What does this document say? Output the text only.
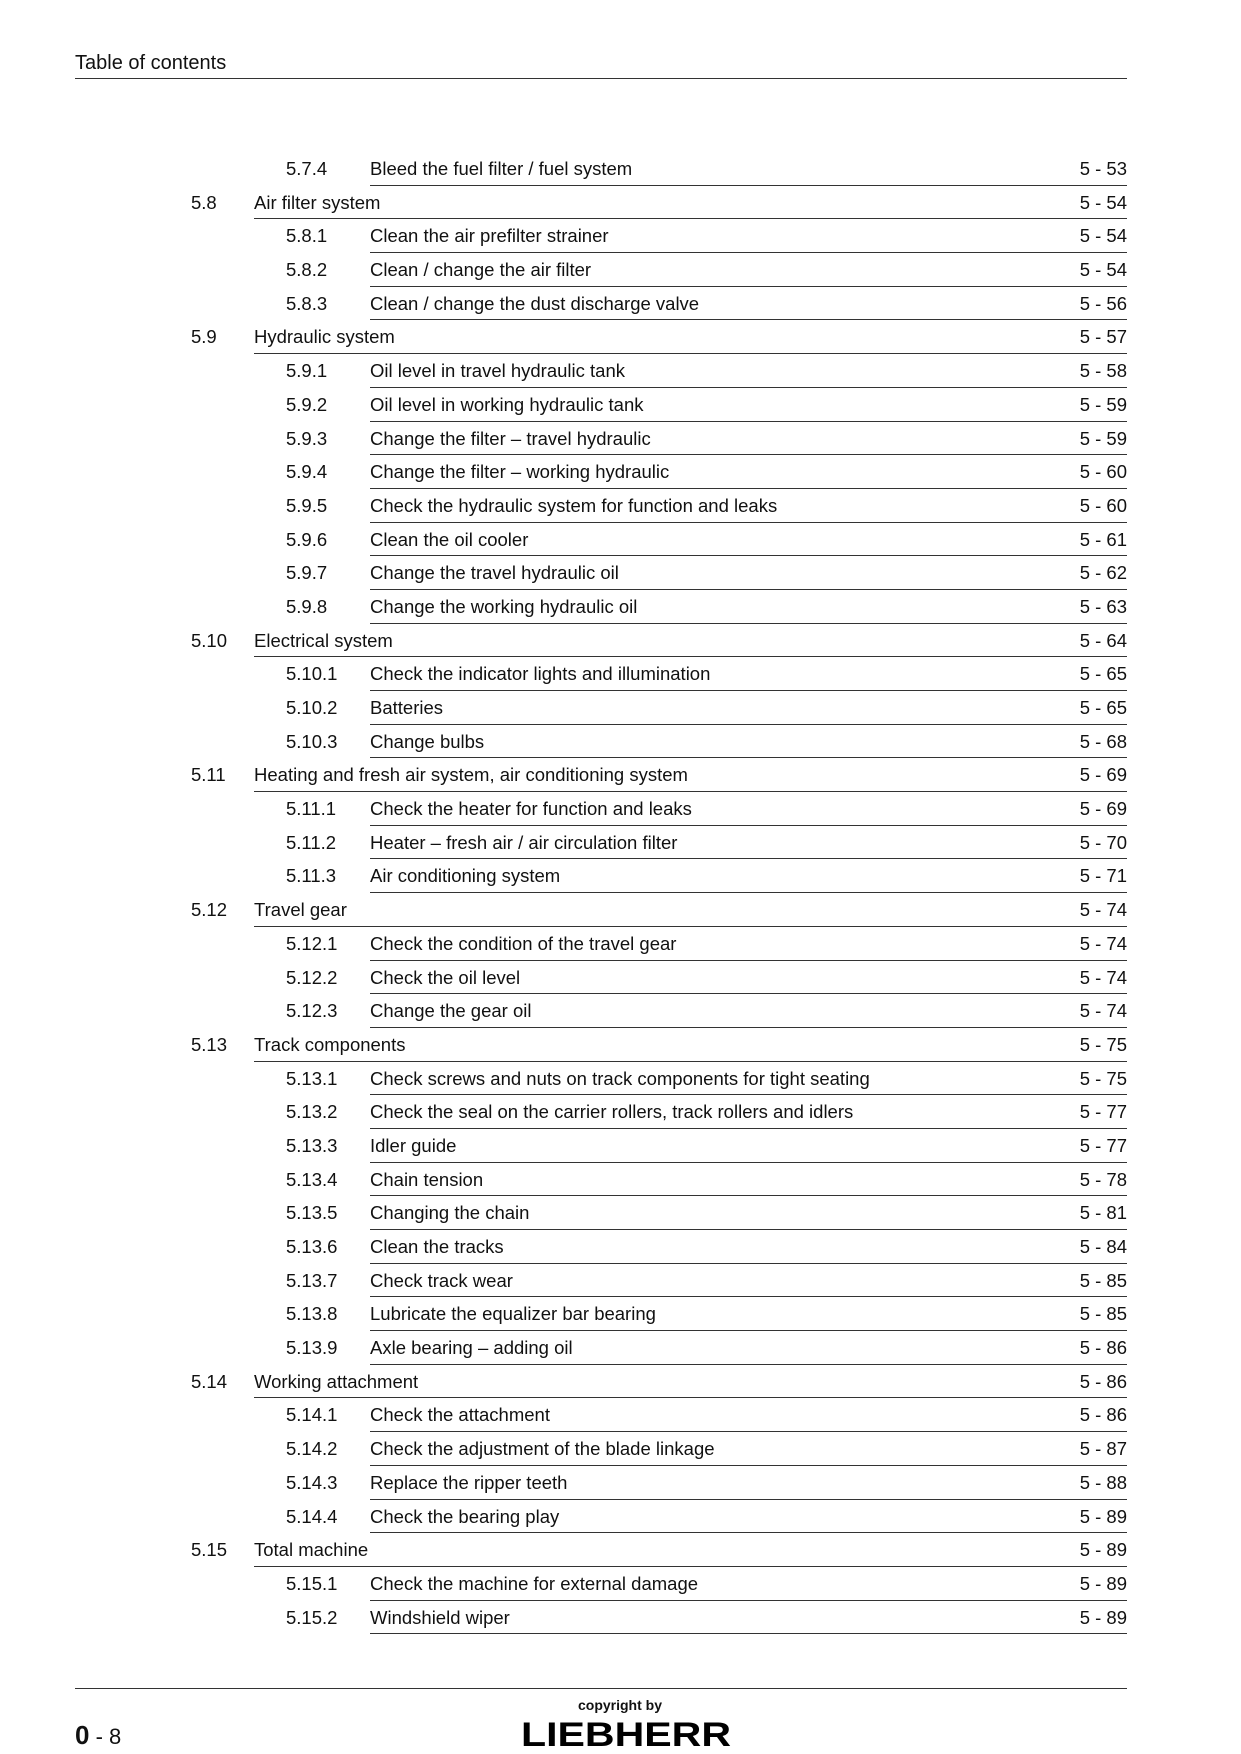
Table of contents
5.7.4 Bleed the fuel filter / fuel system	5 - 53
5.8 Air filter system	5 - 54
5.8.1 Clean the air prefilter strainer	5 - 54
5.8.2 Clean / change the air filter	5 - 54
5.8.3 Clean / change the dust discharge valve	5 - 56
5.9 Hydraulic system	5 - 57
5.9.1 Oil level in travel hydraulic tank	5 - 58
5.9.2 Oil level in working hydraulic tank	5 - 59
5.9.3 Change the filter – travel hydraulic	5 - 59
5.9.4 Change the filter – working hydraulic	5 - 60
5.9.5 Check the hydraulic system for function and leaks	5 - 60
5.9.6 Clean the oil cooler	5 - 61
5.9.7 Change the travel hydraulic oil	5 - 62
5.9.8 Change the working hydraulic oil	5 - 63
5.10 Electrical system	5 - 64
5.10.1 Check the indicator lights and illumination	5 - 65
5.10.2 Batteries	5 - 65
5.10.3 Change bulbs	5 - 68
5.11 Heating and fresh air system, air conditioning system	5 - 69
5.11.1 Check the heater for function and leaks	5 - 69
5.11.2 Heater – fresh air / air circulation filter	5 - 70
5.11.3 Air conditioning system	5 - 71
5.12 Travel gear	5 - 74
5.12.1 Check the condition of the travel gear	5 - 74
5.12.2 Check the oil level	5 - 74
5.12.3 Change the gear oil	5 - 74
5.13 Track components	5 - 75
5.13.1 Check screws and nuts on track components for tight seating	5 - 75
5.13.2 Check the seal on the carrier rollers, track rollers and idlers	5 - 77
5.13.3 Idler guide	5 - 77
5.13.4 Chain tension	5 - 78
5.13.5 Changing the chain	5 - 81
5.13.6 Clean the tracks	5 - 84
5.13.7 Check track wear	5 - 85
5.13.8 Lubricate the equalizer bar bearing	5 - 85
5.13.9 Axle bearing – adding oil	5 - 86
5.14 Working attachment	5 - 86
5.14.1 Check the attachment	5 - 86
5.14.2 Check the adjustment of the blade linkage	5 - 87
5.14.3 Replace the ripper teeth	5 - 88
5.14.4 Check the bearing play	5 - 89
5.15 Total machine	5 - 89
5.15.1 Check the machine for external damage	5 - 89
5.15.2 Windshield wiper	5 - 89
0 - 8
copyright by
LIEBHERR
